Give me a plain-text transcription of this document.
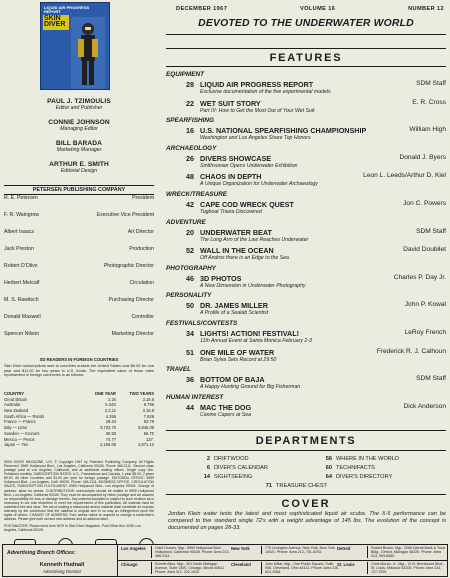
LIQUID AIR PROGRESS REPORT
SKIN DIVER
PAUL J. TZIMOULIS
Editor and Publisher
CONNIE JOHNSON
Managing Editor
BILL BARADA
Marketing Manager
ARTHUR E. SMITH
Editorial Design
PETERSEN PUBLISHING COMPANY
R. E. Petersen	President
F. R. Waingrow	Executive Vice President
Albert Isaacs	Art Director
Jack Preston	Production
Robert D'Olivo	Photographic Director
Herbert Metcalf	Circulation
M. S. Rawitsch	Purchasing Director
Donald Maxwell	Controller
Spencer Nilson	Marketing Director
SD READERS IN FOREIGN COUNTRIES
Skin Diver subscriptions sent to countries outside the United States cost $6.00 for one year and $11.00 for two years in U.S. funds. The equivalent value of those rates represented in foreign currencies is as follows:
COUNTRY	ONE YEAR	TWO YEARS
Great Britain	2.2s	3.18.6
Australia	5.34S	9.796
New Zealand	2.2.11	3.18.8
South Africa — Rands	4.356	7.926
France — Francs	29.34	53.79
Italy — Liras	3,733.70	6,845.09
Sweden — Kronors	30.93	56.70
Mexico — Pesos	74.77	137.
Japan — Yen	2,166.06	3,971.12
SKIN DIVER MAGAZINE, U.S. © Copyright 1967 by Petersen Publishing Company. All Rights Reserved. 5959 Hollywood Blvd., Los Angeles, California 90028. Phone 466-2111. Second class postage paid at Los Angeles, California, and at additional mailing offices. Single copy 60c. Published monthly. SUBSCRIPTION RATES: U.S., Possessions and Canada, 1 year $5.00, 2 years $9.00. All other countries add $1.00 per year for foreign postage. EDITORIAL OFFICE: 5959 Hollywood Blvd., Los Angeles, Calif. 90028. Phone: 466-2111. BUSINESS OFFICE, CIRCULATION SALES, SUBSCRIPTION FULFILLMENT: 5959 Hollywood Blvd., Los Angeles 90028. Change of address: allow six weeks. CONTRIBUTIONS: manuscripts should be mailed to 5959 Hollywood Blvd., Los Angeles, California 90028. They must be accompanied by return postage and we assume no responsibility for loss or damage thereto. Any material accepted is subject to such revision as is necessary in our sole discretion to meet the requirements of this publication. All material must be submitted free and clear. The act of mailing a manuscript and/or material shall constitute an express warranty by the contributor that the material is original and in no way an infringement upon the rights of others. CHANGE OF ADDRESS: Four weeks notice is required to change a subscriber's address. Please give both old and new address and an address label.
POSTMASTER: Please send form 3579 to Skin Diver Magazine, Post Office Box 3295, Los Angeles, California 90028.
DECEMBER 1967	VOLUME 16	NUMBER 12
DEVOTED TO THE UNDERWATER WORLD
FEATURES
EQUIPMENT
28 LIQUID AIR PROGRESS REPORT	SDM Staff
Exclusive documentation of the five experimental models
22 WET SUIT STORY	E. R. Cross
Part IV: How to Get the Most Out of Your Wet Suit
SPEARFISHING
16 U.S. NATIONAL SPEARFISHING CHAMPIONSHIP	William High
Washington and Los Angeles Share Top Honors
ARCHAEOLOGY
26 DIVERS SHOWCASE	Donald J. Byers
Smithsonian Opens Underwater Exhibition
48 CHAOS IN DEPTH	Leon L. Leeds/Arthur D. Kiel
A Unique Organization for Underwater Archaeology
WRECK/TREASURE
42 CAPE COD WRECK QUEST	Jon C. Powers
Tugboat Triana Discovered
ADVENTURE
20 UNDERWATER BEAT	SDM Staff
The Long Arm of the Law Reaches Underwater
52 WALL IN THE OCEAN	David Doubilet
Off Andros there is an Edge to the Sea
PHOTOGRAPHY
46 3D PHOTOS	Charles P. Day Jr.
A New Dimension in Underwater Photography
PERSONALITY
50 DR. JAMES MILLER	John P. Kowal
A Profile of a Sealab Scientist
FESTIVALS/CONTESTS
34 LIGHTS! ACTION! FESTIVAL!	LeRoy French
11th Annual Event at Santa Monica February 2-3
51 ONE MILE OF WATER	Frederick R. J. Calhoun
Brian Sylva Sets Record at 29:50
TRAVEL
36 BOTTOM OF BAJA	SDM Staff
A Happy Hunting Ground for Big Fisherman
HUMAN INTEREST
44 MAC THE DOG	Dick Anderson
Canine Capers at Sea
DEPARTMENTS
2 DRIFTWOOD
6 DIVER'S CALENDAR
14 SIGHTSEEING
56 WHERE IN THE WORLD
60 TECHNIFACTS
64 DIVER'S DIRECTORY
71 TREASURE CHEST
COVER
Jordan Klein water tests the latest and most sophisticated liquid air scuba. The X-5 performance can be compared to five standard single 72's with a weight advantage of 145 lbs. The evolution of the concept is documented on pages 28-33.
Advertising Branch Offices:
Kenneth Hudnall
Advertising Director
Los Angeles	Clark Graves, Mgr., 5959 Hollywood Blvd., Hollywood, California 90028. Phone: Area 213, 466-2111.
New York	770 Lexington Avenue, New York, New York 10021. Phone: Area 212, 751-5293.
Detroit	Robert Brown, Mgr., 2266 Detroit Bank & Trust Bldg., Detroit, Michigan 48226. Phone: Area 313, 963-8060.
Chicago	Everett Allen, Mgr., 401 North Michigan Avenue, Suite 1400, Chicago, Illinois 60611. Phone: Area 312, 222-1920.
Cleveland	John Millar, Mgr., One Public Square, Suite 905, Cleveland, Ohio 44113. Phone: Area 216, 621-2066.
St. Louis	Chris Moran, Jr., Mgr., 10 N. Brentwood Blvd., St. Louis, Missouri 63105. Phone: Area 314, 727-7200.
